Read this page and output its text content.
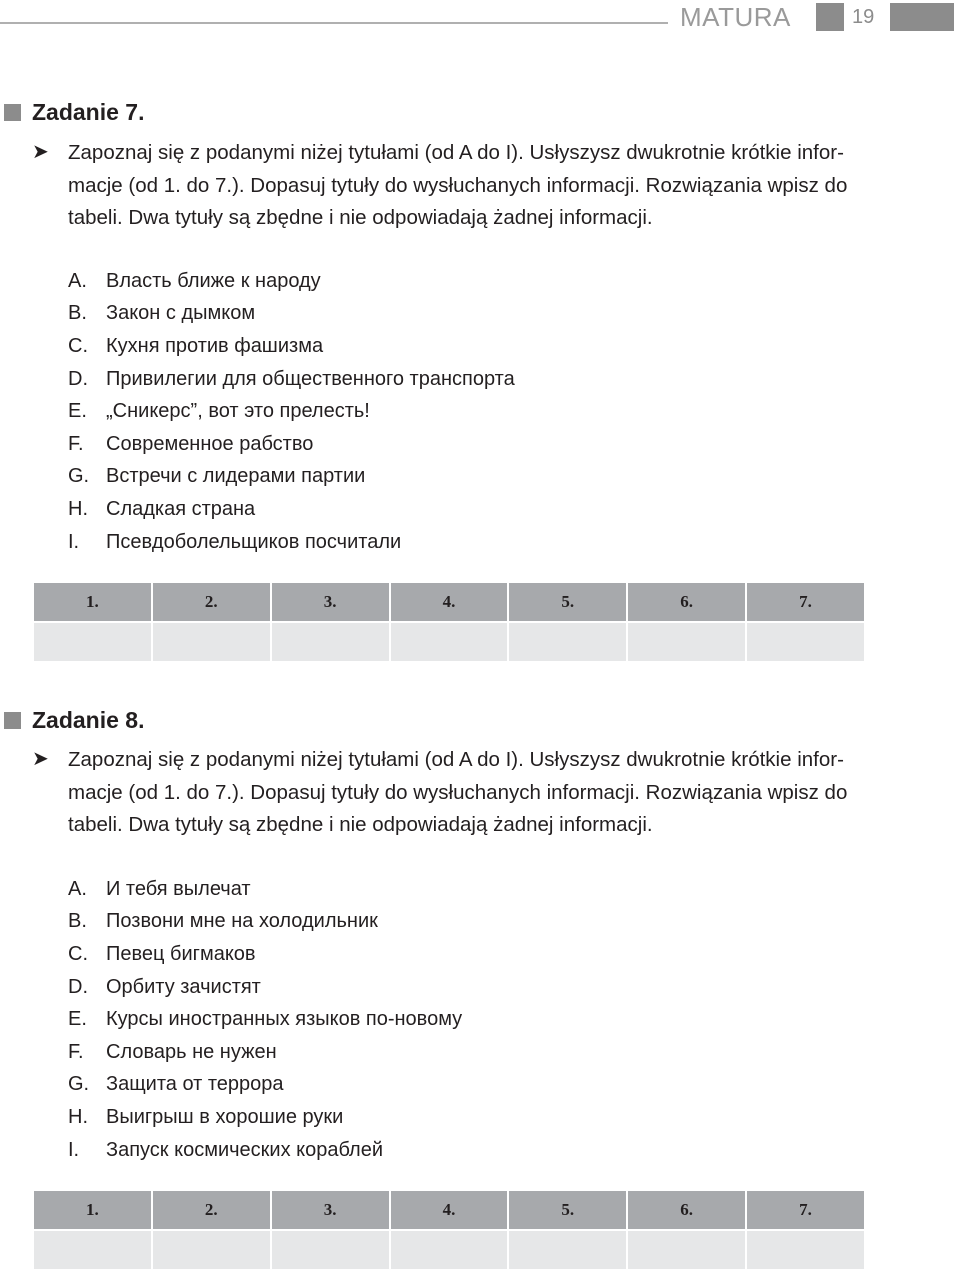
MATURA	19
Zadanie 7.
➤ Zapoznaj się z podanymi niżej tytułami (od A do I). Usłyszysz dwukrotnie krótkie infor-

macje (od 1. do 7.). Dopasuj tytuły do wysłuchanych informacji. Rozwiązania wpisz do

tabeli. Dwa tytuły są zbędne i nie odpowiadają żadnej informacji.

A. Власть ближе к народу
B. Закон с дымком
C. Кухня против фашизма
D. Привилегии для общественного транспорта
E. „Сникерс”, вот это прелесть!
F.	Современное рабство
G. Встречи с лидерами партии
H. Сладкая страна
I.	Псевдоболельщиков посчитали
1.	2.	3.	4.	5.	6.	7.

Zadanie 8.
➤ Zapoznaj się z podanymi niżej tytułami (od A do I). Usłyszysz dwukrotnie krótkie infor-

macje (od 1. do 7.). Dopasuj tytuły do wysłuchanych informacji. Rozwiązania wpisz do

tabeli. Dwa tytuły są zbędne i nie odpowiadają żadnej informacji.

A. И тебя вылечат
B. Позвони мне на холодильник
C. Певец бигмаков
D. Орбиту зачистят
E. Курсы иностранных языков по-новому
F.	Словарь не нужен
G. Защита от террора
H. Выигрыш в хорошие руки
I.	Запуск космических кораблей
1.	2.	3.	4.	5.	6.	7.
